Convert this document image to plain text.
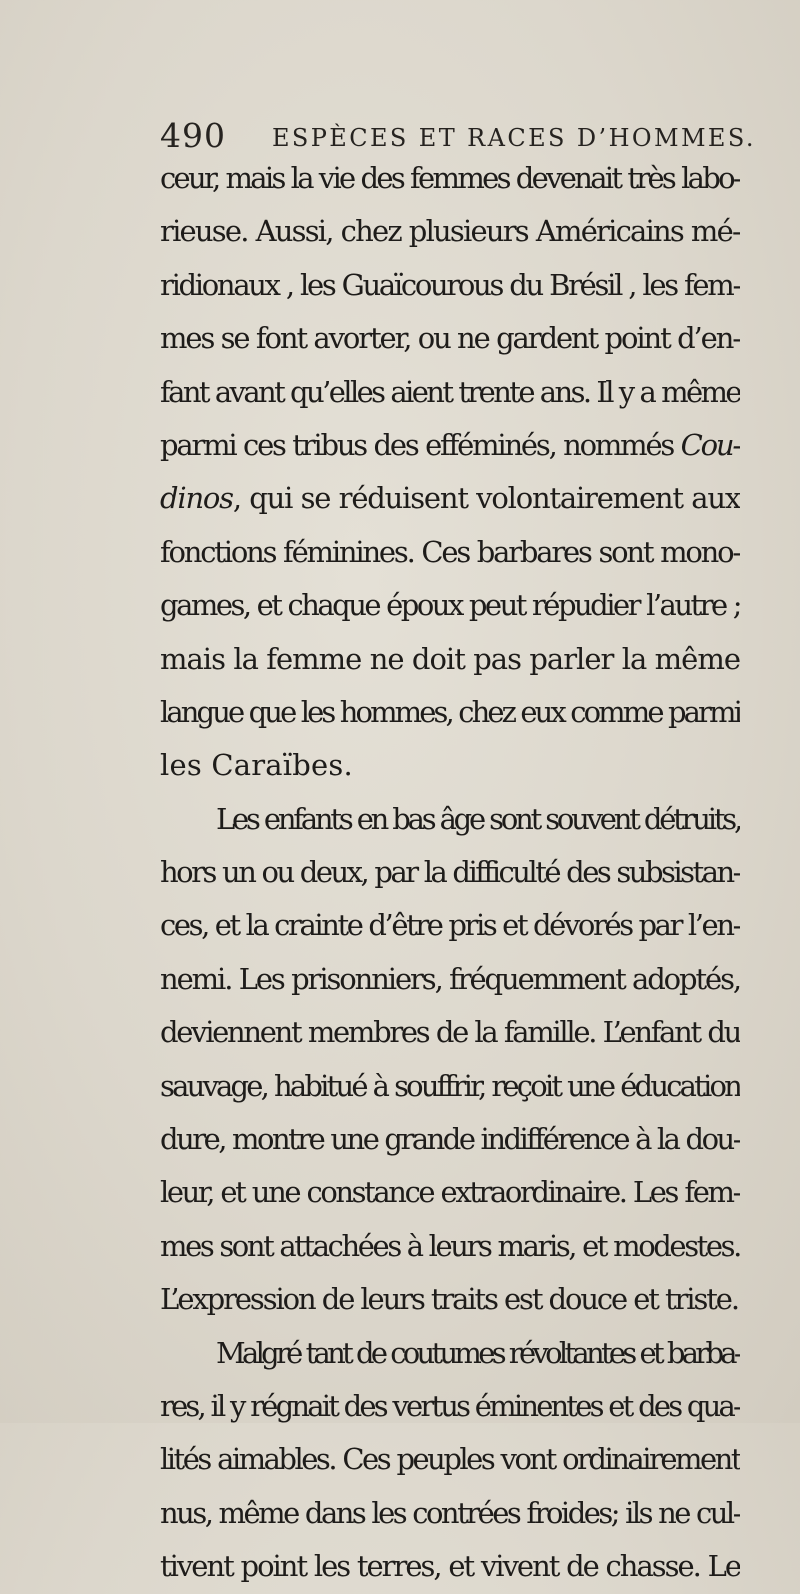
490 ESPÈCES ET RACES D’HOMMES.
ceur, mais la vie des femmes devenait très labo-
rieuse. Aussi, chez plusieurs Américains mé-
ridionaux , les Guaïcourous du Brésil , les fem-
mes se font avorter, ou ne gardent point d’en-
fant avant qu’elles aient trente ans. Il y a même
parmi ces tribus des efféminés, nommés Cou-
dinos, qui se réduisent volontairement aux
fonctions féminines. Ces barbares sont mono-
games, et chaque époux peut répudier l’autre ;
mais la femme ne doit pas parler la même
langue que les hommes, chez eux comme parmi
les Caraïbes.
Les enfants en bas âge sont souvent détruits,
hors un ou deux, par la difficulté des subsistan-
ces, et la crainte d’être pris et dévorés par l’en-
nemi. Les prisonniers, fréquemment adoptés,
deviennent membres de la famille. L’enfant du
sauvage, habitué à souffrir, reçoit une éducation
dure, montre une grande indifférence à la dou-
leur, et une constance extraordinaire. Les fem-
mes sont attachées à leurs maris, et modestes.
L’expression de leurs traits est douce et triste.
Malgré tant de coutumes révoltantes et barba-
res, il y régnait des vertus éminentes et des qua-
lités aimables. Ces peuples vont ordinairement
nus, même dans les contrées froides; ils ne cul-
tivent point les terres, et vivent de chasse. Le
